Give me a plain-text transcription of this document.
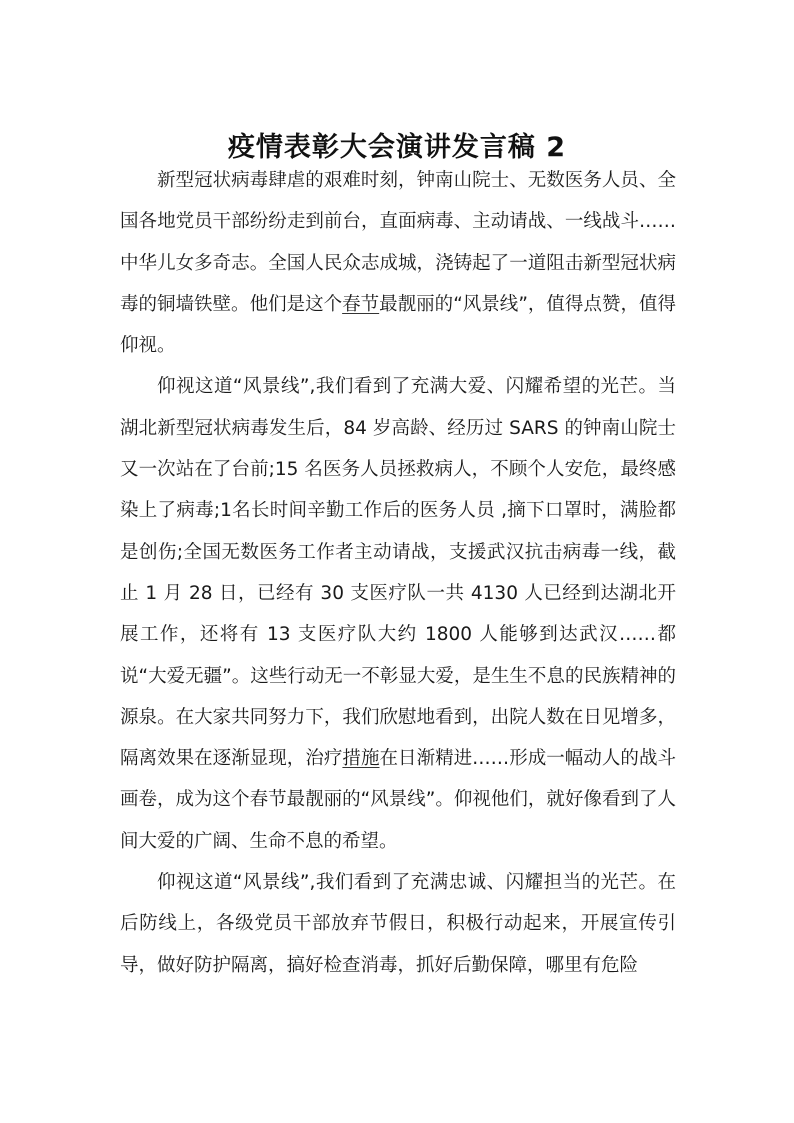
疫情表彰大会演讲发言稿 2

新型冠状病毒肆虐的艰难时刻，钟南山院士、无数医务人员、全国各地党员干部纷纷走到前台，直面病毒、主动请战、一线战斗……中华儿女多奇志。全国人民众志成城，浇铸起了一道阻击新型冠状病毒的铜墙铁壁。他们是这个春节最靓丽的“风景线”，值得点赞，值得仰视。

仰视这道“风景线”,我们看到了充满大爱、闪耀希望的光芒。当湖北新型冠状病毒发生后，84 岁高龄、经历过 SARS 的钟南山院士又一次站在了台前;15 名医务人员拯救病人，不顾个人安危，最终感染上了病毒;1名长时间辛勤工作后的医务人员 ,摘下口罩时，满脸都是创伤;全国无数医务工作者主动请战，支援武汉抗击病毒一线，截止 1 月 28 日，已经有 30 支医疗队一共 4130 人已经到达湖北开展工作，还将有 13 支医疗队大约 1800 人能够到达武汉……都说“大爱无疆”。这些行动无一不彰显大爱，是生生不息的民族精神的源泉。在大家共同努力下，我们欣慰地看到，出院人数在日见增多，隔离效果在逐渐显现，治疗措施在日渐精进……形成一幅动人的战斗画卷，成为这个春节最靓丽的“风景线”。仰视他们，就好像看到了人间大爱的广阔、生命不息的希望。

仰视这道“风景线”,我们看到了充满忠诚、闪耀担当的光芒。在后防线上，各级党员干部放弃节假日，积极行动起来，开展宣传引导，做好防护隔离，搞好检查消毒，抓好后勤保障，哪里有危险
